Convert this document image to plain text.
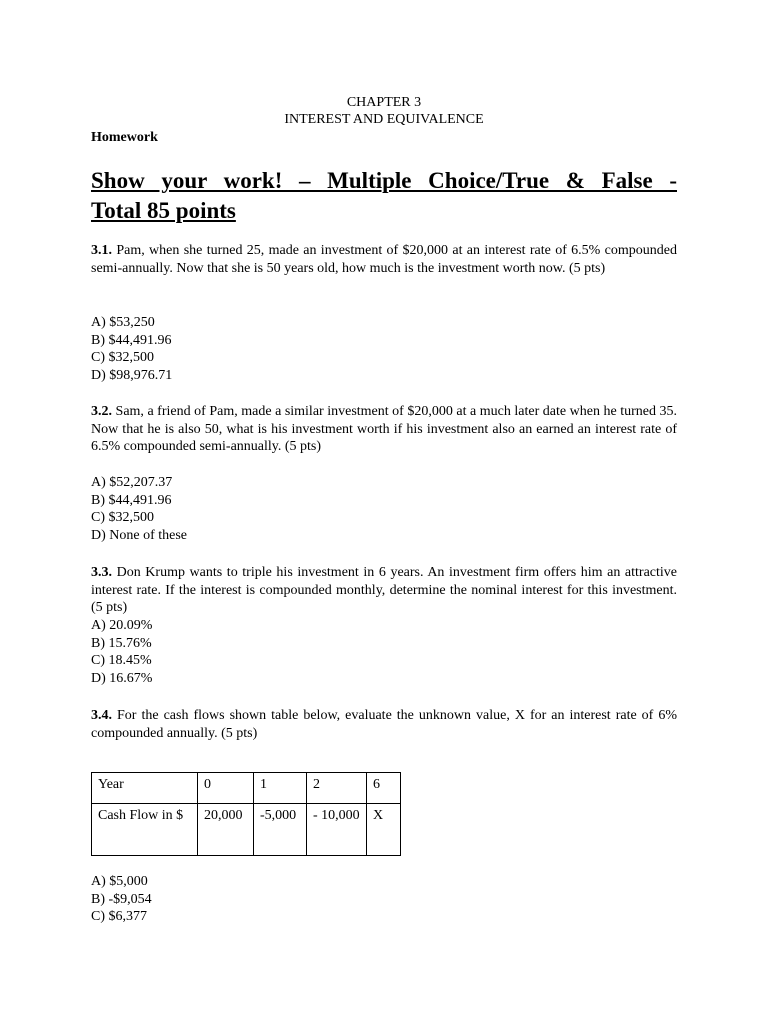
CHAPTER 3
INTEREST AND EQUIVALENCE
Homework
Show your work! – Multiple Choice/True & False -
Total 85 points
3.1. Pam, when she turned 25, made an investment of $20,000 at an interest rate of 6.5% compounded semi-annually. Now that she is 50 years old, how much is the investment worth now. (5 pts)
A) $53,250
B) $44,491.96
C) $32,500
D) $98,976.71
3.2. Sam, a friend of Pam, made a similar investment of $20,000 at a much later date when he turned 35. Now that he is also 50, what is his investment worth if his investment also an earned an interest rate of 6.5% compounded semi-annually. (5 pts)
A) $52,207.37
B) $44,491.96
C) $32,500
D) None of these
3.3. Don Krump wants to triple his investment in 6 years. An investment firm offers him an attractive interest rate. If the interest is compounded monthly, determine the nominal interest for this investment. (5 pts)
A) 20.09%
B) 15.76%
C) 18.45%
D) 16.67%
3.4. For the cash flows shown table below, evaluate the unknown value, X for an interest rate of 6% compounded annually. (5 pts)
Year	0	1	2	6
Cash Flow in $	20,000	-5,000	- 10,000	X
A) $5,000
B) -$9,054
C) $6,377
